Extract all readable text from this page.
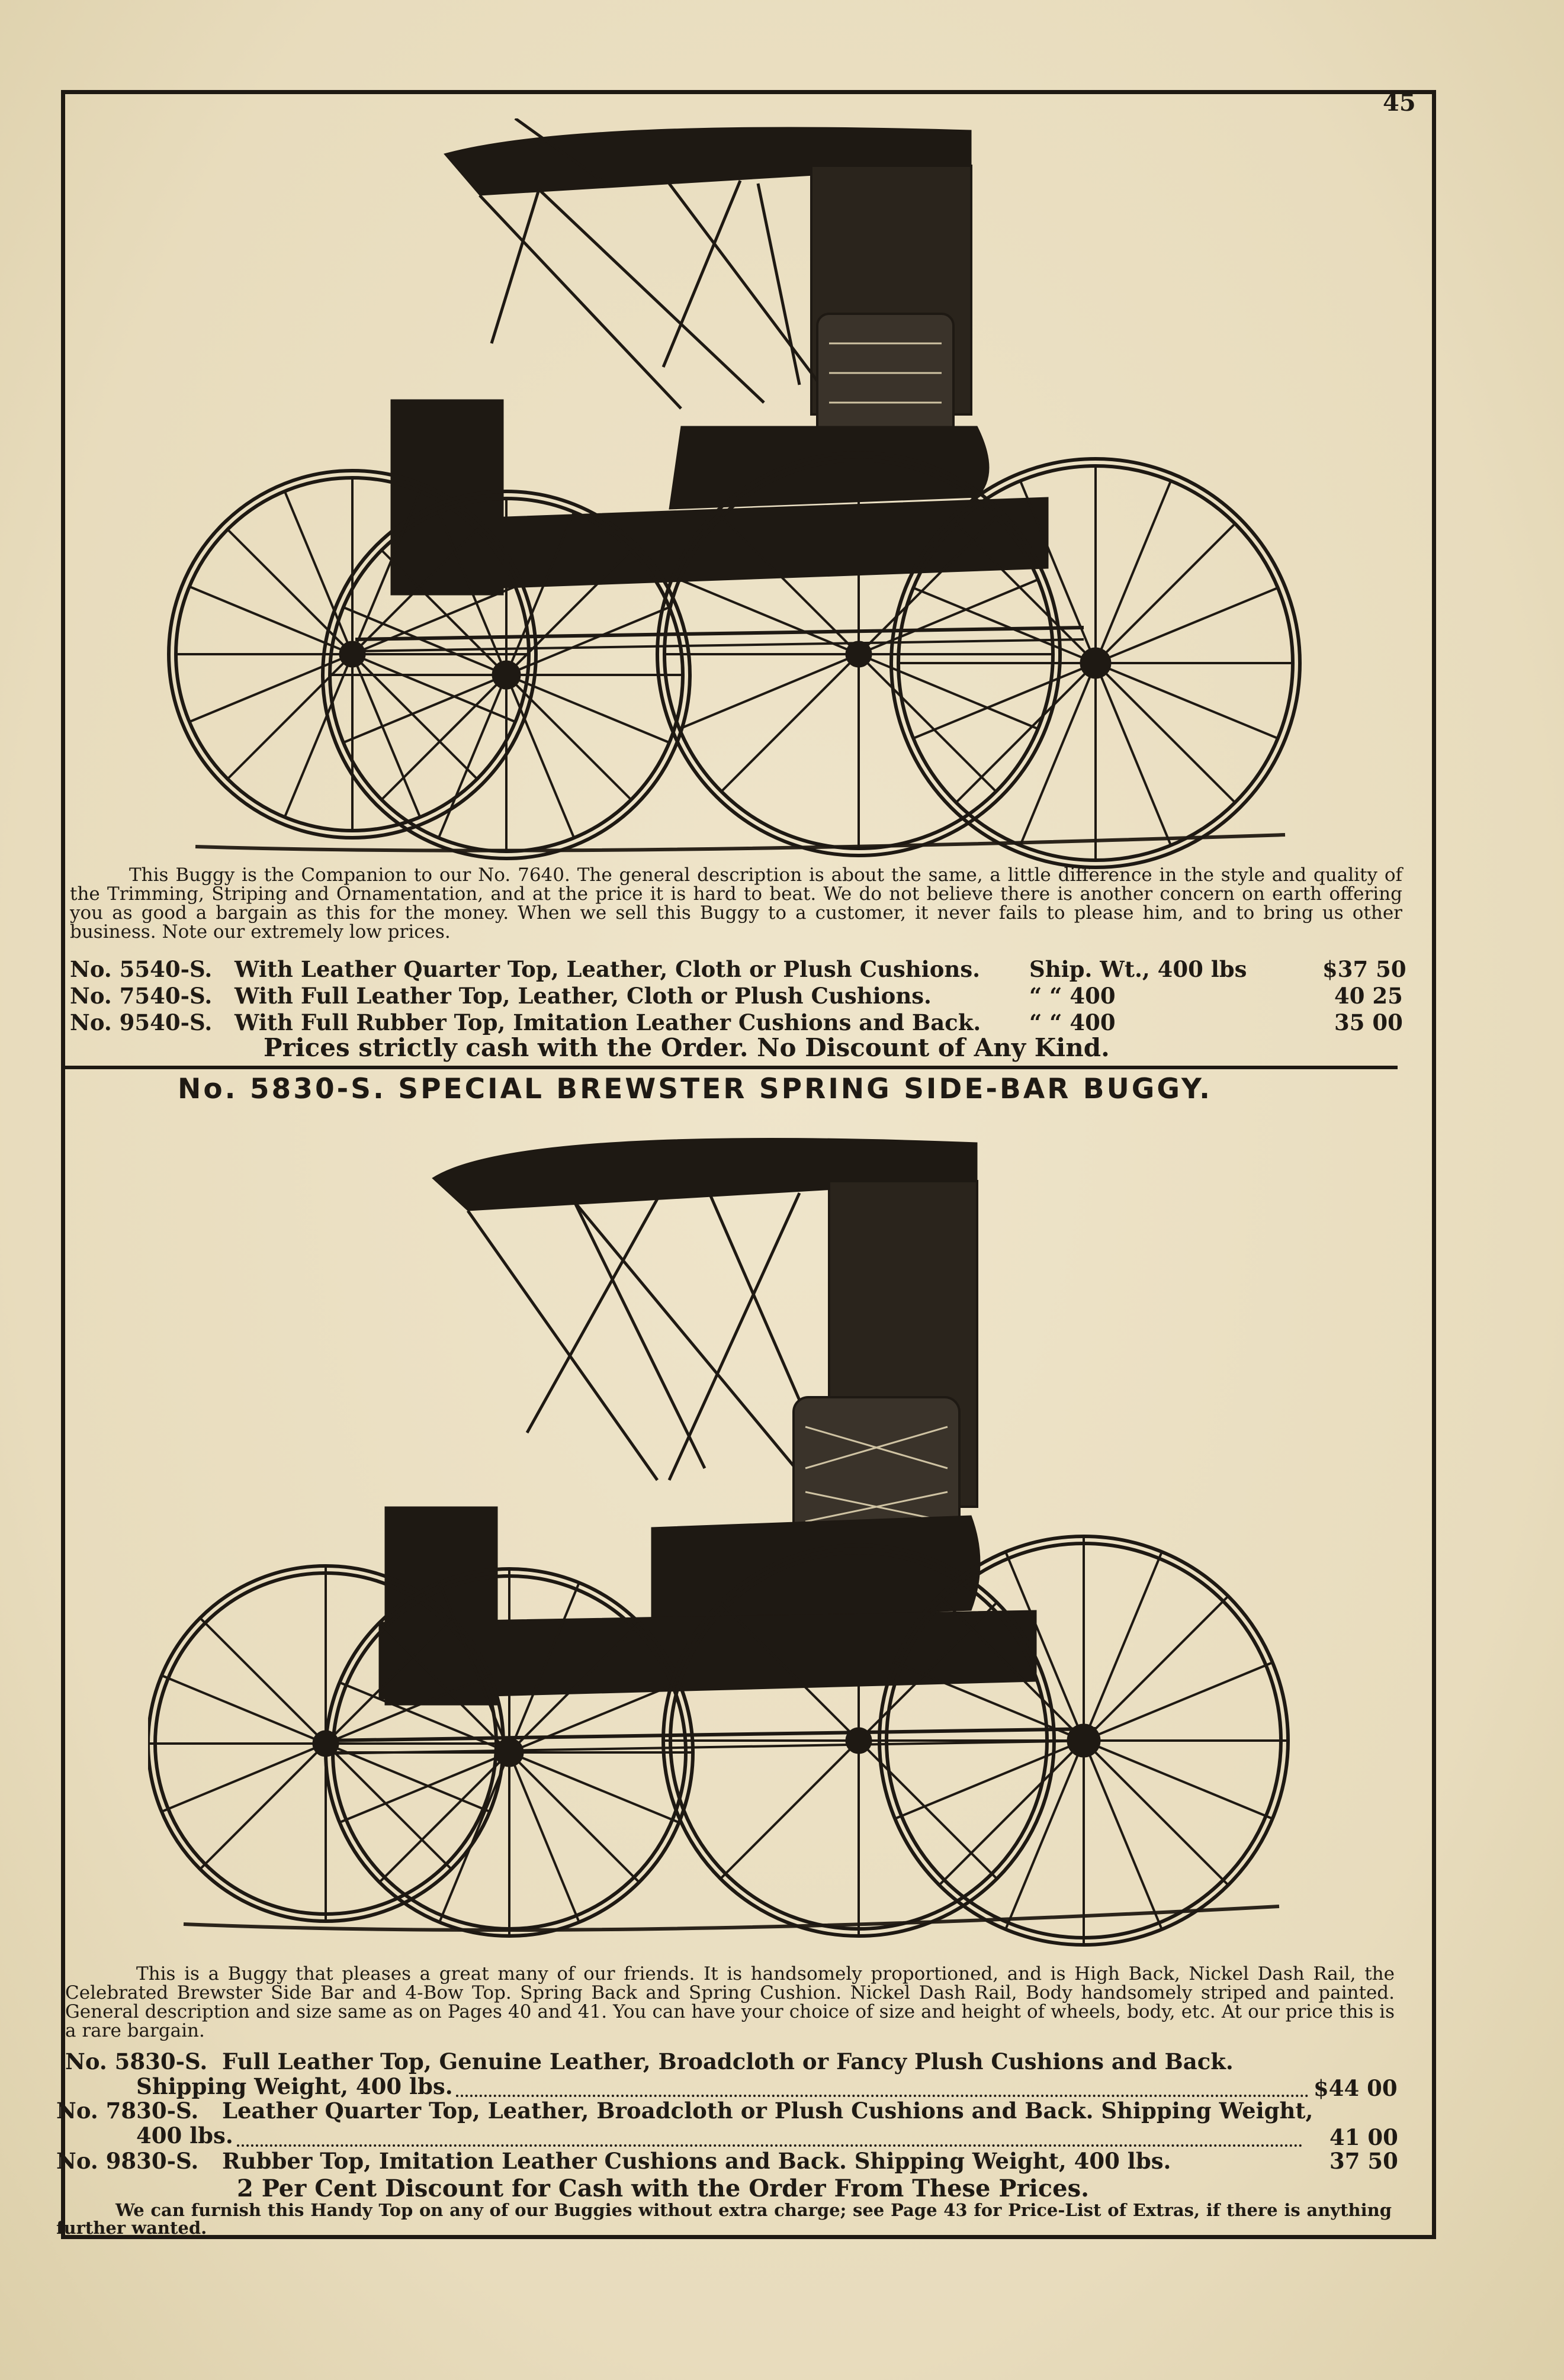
45

This Buggy is the Companion to our No. 7640. The general description is about the same, a little difference in the style and quality of the Trimming, Striping and Ornamentation, and at the price it is hard to beat. We do not believe there is another concern on earth offering you as good a bargain as this for the money. When we sell this Buggy to a customer, it never fails to please him, and to bring us other business. Note our extremely low prices.

No. 5540-S. With Leather Quarter Top, Leather, Cloth or Plush Cushions. Ship. Wt., 400 lbs	$37 50
No. 7540-S. With Full Leather Top, Leather, Cloth or Plush Cushions.	“ “ 400	40 25
No. 9540-S. With Full Rubber Top, Imitation Leather Cushions and Back. “ “ 400	35 00
Prices strictly cash with the Order. No Discount of Any Kind.
No. 5830-S. SPECIAL BREWSTER SPRING SIDE-BAR BUGGY.

This is a Buggy that pleases a great many of our friends. It is handsomely proportioned, and is High Back, Nickel Dash Rail, the Celebrated Brewster Side Bar and 4-Bow Top. Spring Back and Spring Cushion. Nickel Dash Rail, Body handsomely striped and painted. General description and size same as on Pages 40 and 41. You can have your choice of size and height of wheels, body, etc. At our price this is a rare bargain.

No. 5830-S. Full Leather Top, Genuine Leather, Broadcloth or Fancy Plush Cushions and Back.
Shipping Weight, 400 lbs.	$44 00
No. 7830-S. Leather Quarter Top, Leather, Broadcloth or Plush Cushions and Back. Shipping Weight,
400 lbs.	41 00
No. 9830-S. Rubber Top, Imitation Leather Cushions and Back. Shipping Weight, 400 lbs.	37 50
2 Per Cent Discount for Cash with the Order From These Prices.

We can furnish this Handy Top on any of our Buggies without extra charge; see Page 43 for Price-List of Extras, if there is anything further wanted.
